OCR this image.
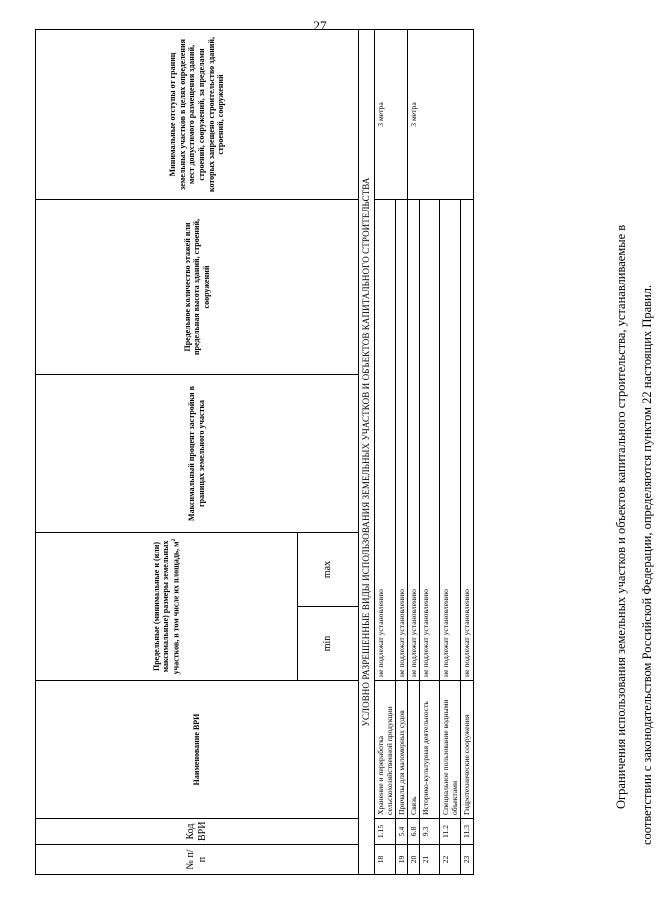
27
№ п/п	Код ВРИ	Наименование ВРИ	Предельные (минимальные и (или) максимальные) размеры земельных участков, в том числе их площадь, $м^2$		Максимальный процент застройки в границах земельного участка	Предельное количество этажей или предельная высота зданий, строений, сооружений	Минимальные отступы от границ земельных участков в целях определения мест допустимого размещения зданий, строений, сооружений, за пределами которых запрещено строительство зданий, строений, сооружений
			min	max			
УСЛОВНО РАЗРЕШЕННЫЕ ВИДЫ ИСПОЛЬЗОВАНИЯ ЗЕМЕЛЬНЫХ УЧАСТКОВ И ОБЪЕКТОВ КАПИТАЛЬНОГО СТРОИТЕЛЬСТВА							
18	1.15	Хранение и переработка сельскохозяйственной продукции	не подлежат установлению				3 метра
19	5.4	Причалы для маломерных судов	не подлежат установлению				
20	6.8	Связь	не подлежат установлению				3 метра
21	9.3	Историко-культурная деятельность	не подлежат установлению				
22	11.2	Специальное пользование водными объектами	не подлежат установлению				
23	11.3	Гидротехнические сооружения	не подлежат установлению					Ограничения использования земельных участков и объектов капитального строительства, устанавливаемые в соответствии с законодательством Российской Федерации, определяются пунктом 22 настоящих Правил.
